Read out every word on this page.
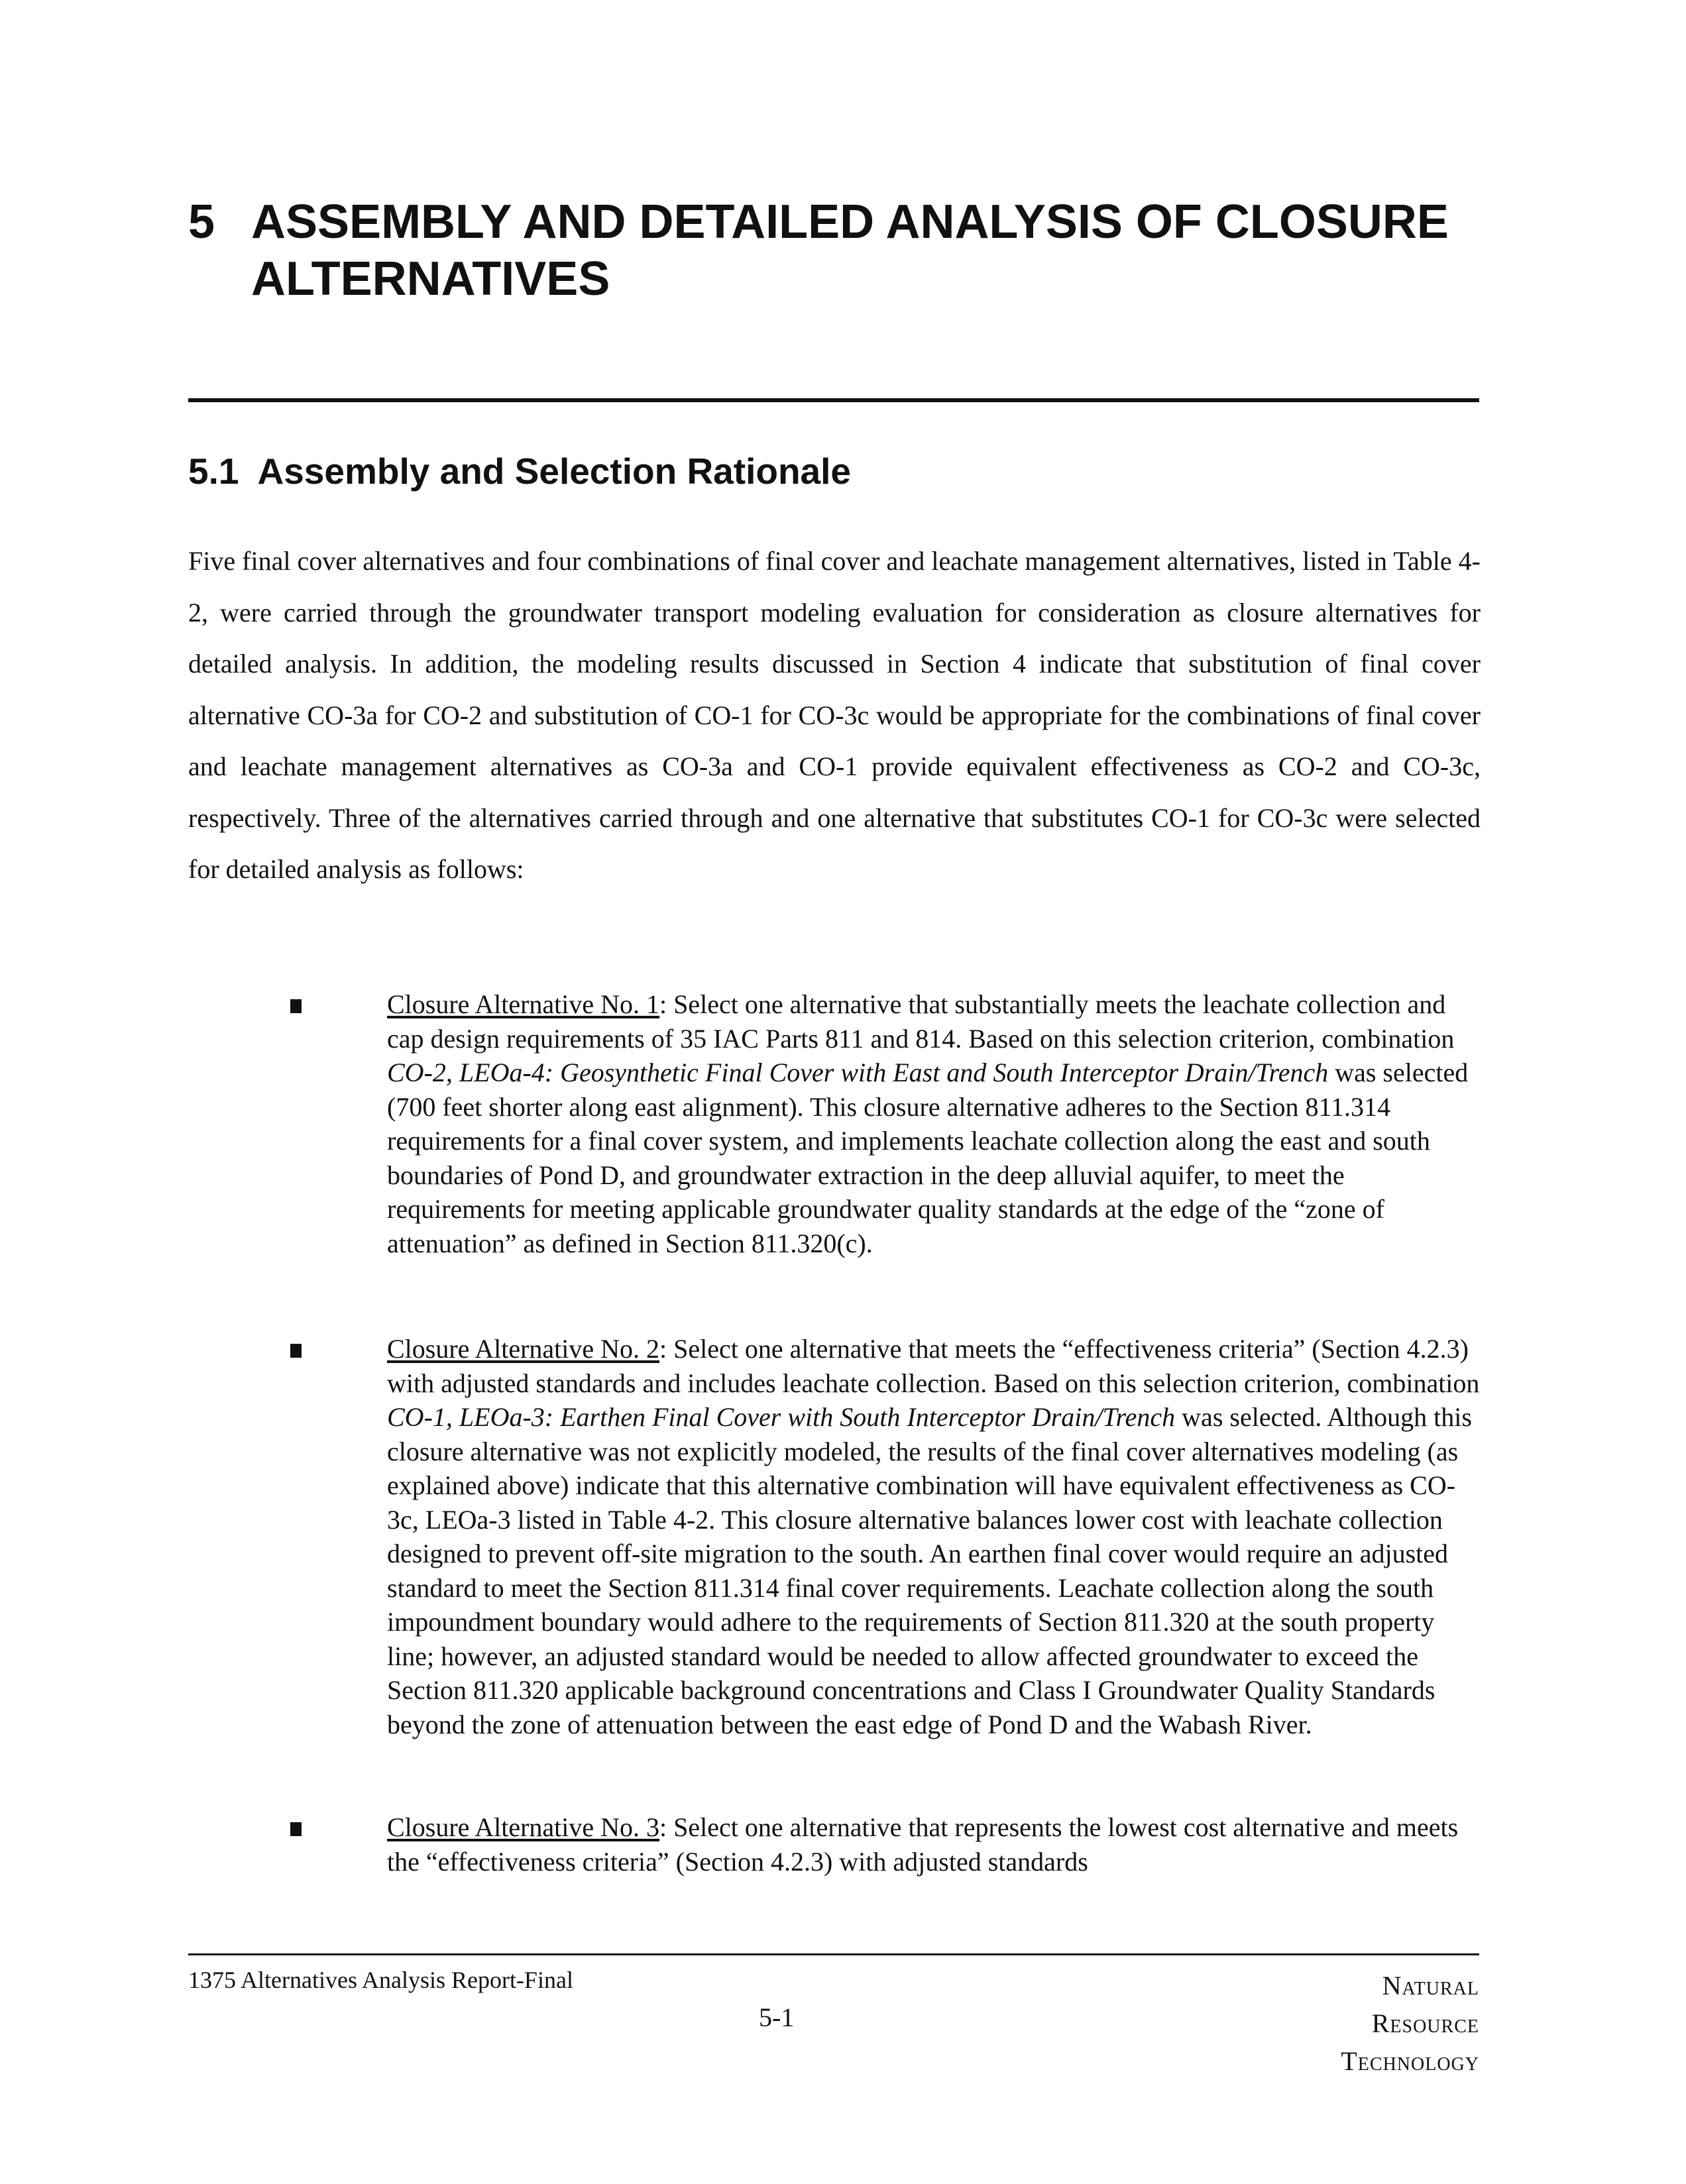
5 ASSEMBLY AND DETAILED ANALYSIS OF CLOSURE ALTERNATIVES
5.1 Assembly and Selection Rationale

Five final cover alternatives and four combinations of final cover and leachate management alternatives, listed in Table 4-2, were carried through the groundwater transport modeling evaluation for consideration as closure alternatives for detailed analysis. In addition, the modeling results discussed in Section 4 indicate that substitution of final cover alternative CO-3a for CO-2 and substitution of CO-1 for CO-3c would be appropriate for the combinations of final cover and leachate management alternatives as CO-3a and CO-1 provide equivalent effectiveness as CO-2 and CO-3c, respectively. Three of the alternatives carried through and one alternative that substitutes CO-1 for CO-3c were selected for detailed analysis as follows:

Closure Alternative No. 1: Select one alternative that substantially meets the leachate collection and cap design requirements of 35 IAC Parts 811 and 814. Based on this selection criterion, combination CO-2, LEOa-4: Geosynthetic Final Cover with East and South Interceptor Drain/Trench was selected (700 feet shorter along east alignment). This closure alternative adheres to the Section 811.314 requirements for a final cover system, and implements leachate collection along the east and south boundaries of Pond D, and groundwater extraction in the deep alluvial aquifer, to meet the requirements for meeting applicable groundwater quality standards at the edge of the “zone of attenuation” as defined in Section 811.320(c).
Closure Alternative No. 2: Select one alternative that meets the “effectiveness criteria” (Section 4.2.3) with adjusted standards and includes leachate collection. Based on this selection criterion, combination CO-1, LEOa-3: Earthen Final Cover with South Interceptor Drain/Trench was selected. Although this closure alternative was not explicitly modeled, the results of the final cover alternatives modeling (as explained above) indicate that this alternative combination will have equivalent effectiveness as CO-3c, LEOa-3 listed in Table 4-2. This closure alternative balances lower cost with leachate collection designed to prevent off-site migration to the south. An earthen final cover would require an adjusted standard to meet the Section 811.314 final cover requirements. Leachate collection along the south impoundment boundary would adhere to the requirements of Section 811.320 at the south property line; however, an adjusted standard would be needed to allow affected groundwater to exceed the Section 811.320 applicable background concentrations and Class I Groundwater Quality Standards beyond the zone of attenuation between the east edge of Pond D and the Wabash River.
Closure Alternative No. 3: Select one alternative that represents the lowest cost alternative and meets the “effectiveness criteria” (Section 4.2.3) with adjusted standards
1375 Alternatives Analysis Report-Final
5-1
Natural
Resource
Technology
